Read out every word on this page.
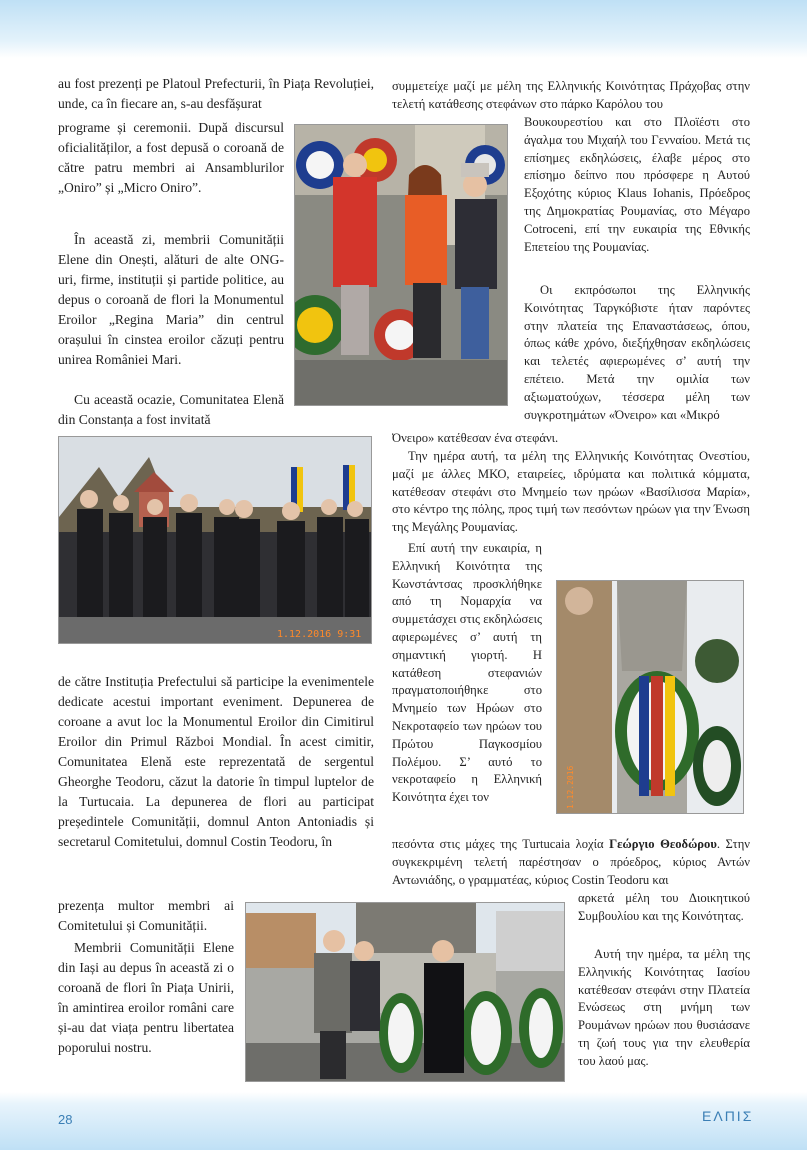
au fost prezenți pe Platoul Prefecturii, în Piața Revoluției, unde, ca în fiecare an, s-au desfășurat

programe și ceremonii. După discursul oficialităților, a fost depusă o coroană de către patru membri ai Ansamblurilor „Oniro” și „Micro Oniro”.

În această zi, membrii Comunității Elene din Onești, alături de alte ONG-uri, firme, instituții și partide politice, au depus o coroană de flori la Monumentul Eroilor „Regina Maria” din centrul orașului în cinstea eroilor căzuți pentru unirea României Mari.

Cu această ocazie, Comunitatea Elenă din Constanța a fost invitată

1.12.2016 9:31

de către Instituția Prefectului să participe la evenimentele dedicate acestui important eveniment. Depunerea de coroane a avut loc la Monumentul Eroilor din Cimitirul Eroilor din Primul Război Mondial. În acest cimitir, Comunitatea Elenă este reprezentată de sergentul Gheorghe Teodoru, căzut la datorie în timpul luptelor de la Turtucaia. La depunerea de flori au participat președintele Comunității, domnul Anton Antoniadis și secretarul Comitetului, domnul Costin Teodoru, în

prezența multor membri ai Comitetului și Comunității.

Membrii Comunității Elene din Iași au depus în această zi o coroană de flori în Piața Unirii, în amintirea eroilor români care și-au dat viața pentru libertatea poporului nostru.

συμμετείχε μαζί με μέλη της Ελληνικής Κοινότητας Πράχοβας στην τελετή κατάθεσης στεφάνων στο πάρκο Καρόλου του

Βουκουρεστίου και στο Πλοϊέστι στο άγαλμα του Μιχαήλ του Γενναίου. Μετά τις επίσημες εκδηλώσεις, έλαβε μέρος στο επίσημο δείπνο που πρόσφερε η Αυτού Εξοχότης κύριος Klaus Iohanis, Πρόεδρος της Δημοκρατίας Ρουμανίας, στο Μέγαρο Cotroceni, επί την ευκαιρία της Εθνικής Επετείου της Ρουμανίας.

Οι εκπρόσωποι της Ελληνικής Κοινότητας Ταργκόβιστε ήταν παρόντες στην πλατεία της Επαναστάσεως, όπου, όπως κάθε χρόνο, διεξήχθησαν εκδηλώσεις και τελετές αφιερωμένες σ’ αυτή την επέτειο. Μετά την ομιλία των αξιωματούχων, τέσσερα μέλη των συγκροτημάτων «Όνειρο» και «Μικρό

Όνειρο» κατέθεσαν ένα στεφάνι.

Την ημέρα αυτή, τα μέλη της Ελληνικής Κοινότητας Ονεστίου, μαζί με άλλες ΜΚΟ, εταιρείες, ιδρύματα και πολιτικά κόμματα, κατέθεσαν στεφάνι στο Μνημείο των ηρώων «Βασίλισσα Μαρία», στο κέντρο της πόλης, προς τιμή των πεσόντων ηρώων για την Ένωση της Μεγάλης Ρουμανίας.

Επί αυτή την ευκαιρία, η Ελληνική Κοινότητα της Κωνστάντσας προσκλήθηκε από τη Νομαρχία να συμμετάσχει στις εκδηλώσεις αφιερωμένες σ’ αυτή τη σημαντική γιορτή. Η κατάθεση στεφανιών πραγματοποιήθηκε στο Μνημείο των Ηρώων στο Νεκροταφείο των ηρώων του Πρώτου Παγκοσμίου Πολέμου. Σ’ αυτό το νεκροταφείο η Ελληνική Κοινότητα έχει τον

πεσόντα στις μάχες της Turtucaia λοχία Γεώργιο Θεοδώρου. Στην συγκεκριμένη τελετή παρέστησαν ο πρόεδρος, κύριος Αντών Αντωνιάδης, ο γραμματέας, κύριος Costin Teodoru και

αρκετά μέλη του Διοικητικού Συμβουλίου και της Κοινότητας.

Αυτή την ημέρα, τα μέλη της Ελληνικής Κοινότητας Ιασίου κατέθεσαν στεφάνι στην Πλατεία Ενώσεως στη μνήμη των Ρουμάνων ηρώων που θυσιάσανε τη ζωή τους για την ελευθερία του λαού μας.

1.12.2016
28	ΕΛΠΙΣ
